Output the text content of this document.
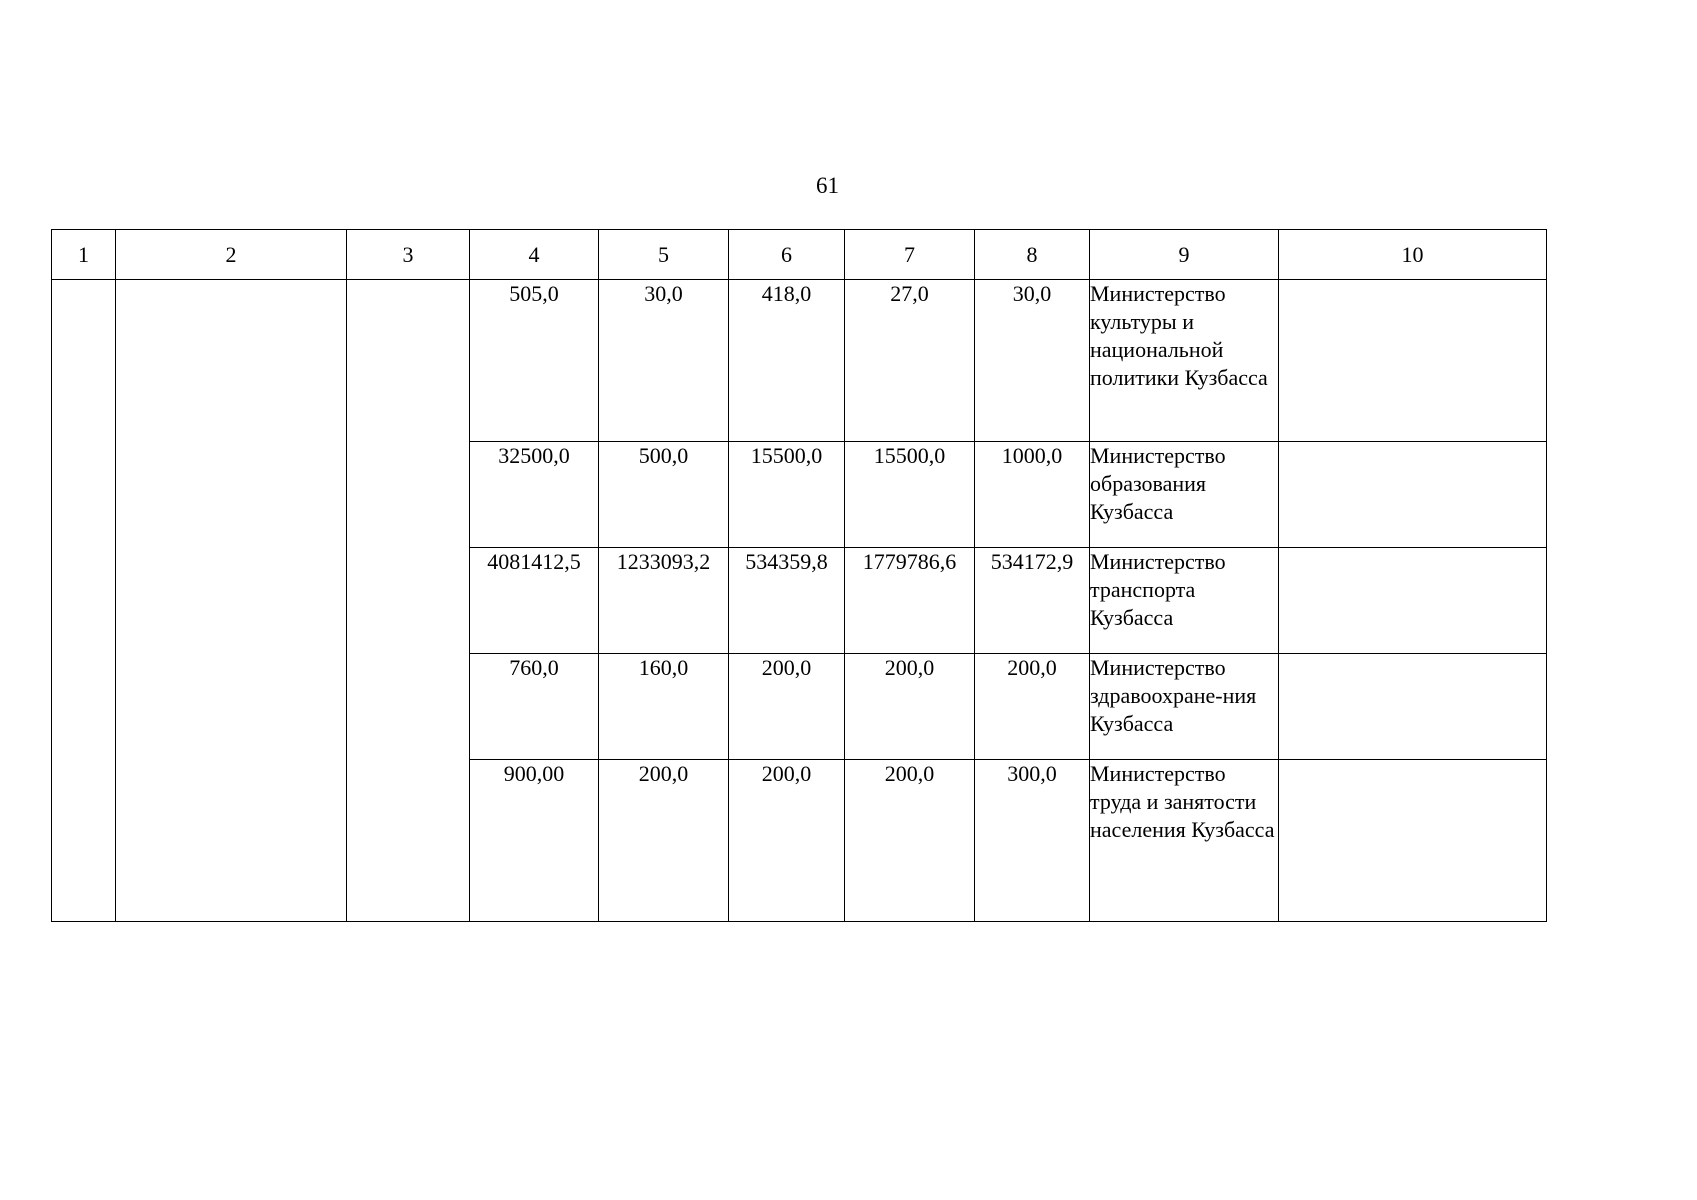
61
1	2	3	4	5	6	7	8	9	10
			505,0	30,0	418,0	27,0	30,0	Министерство культуры и национальной политики Кузбасса	
			32500,0	500,0	15500,0	15500,0	1000,0	Министерство образования Кузбасса	
			4081412,5	1233093,2	534359,8	1779786,6	534172,9	Министерство транспорта Кузбасса	
			760,0	160,0	200,0	200,0	200,0	Министерство здравоохране-ния Кузбасса	
			900,00	200,0	200,0	200,0	300,0	Министерство труда и занятости населения Кузбасса	
